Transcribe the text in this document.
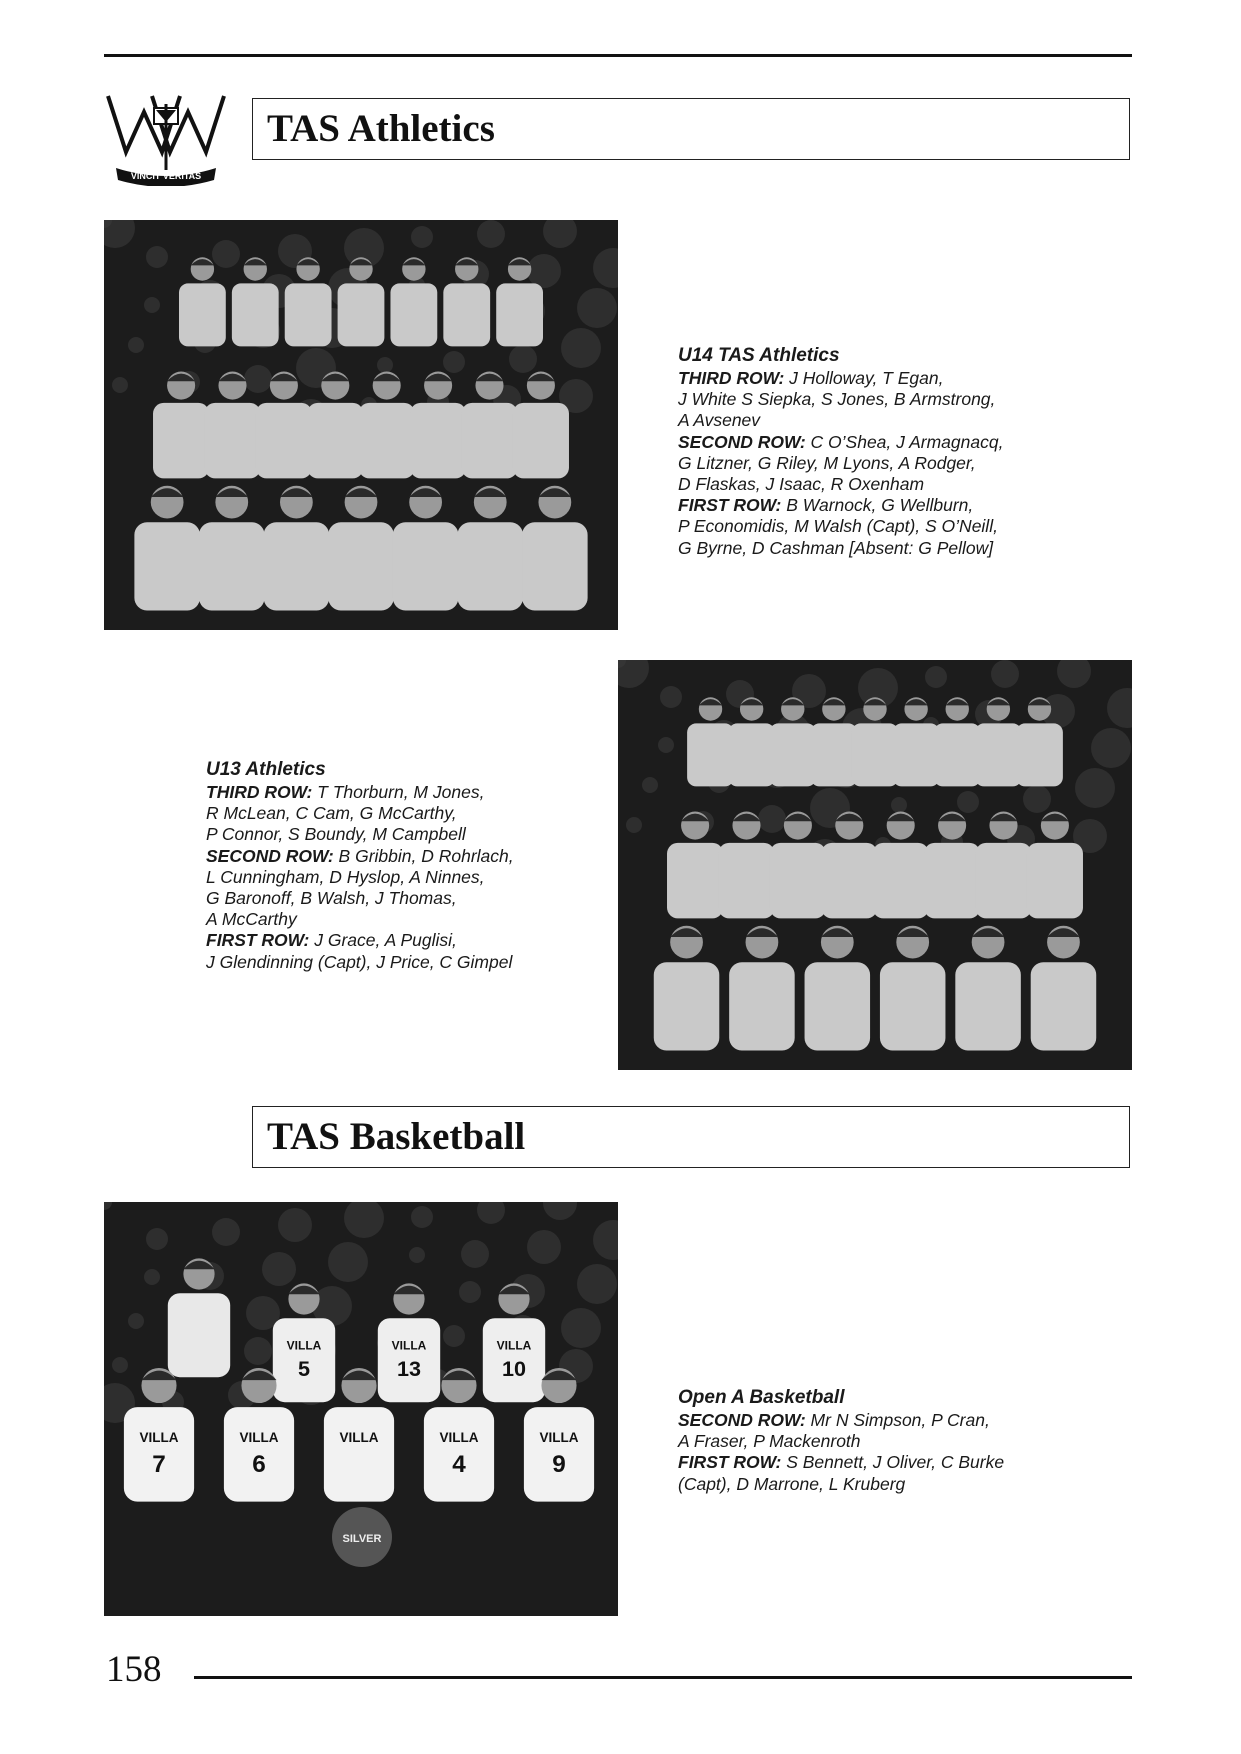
VINCIT VERITAS
TAS Athletics
U14 TAS Athletics
THIRD ROW: J Holloway, T Egan,
J White S Siepka, S Jones, B Armstrong,
A Avsenev
SECOND ROW: C O’Shea, J Armagnacq,
G Litzner, G Riley, M Lyons, A Rodger,
D Flaskas, J Isaac, R Oxenham
FIRST ROW: B Warnock, G Wellburn,
P Economidis, M Walsh (Capt), S O’Neill,
G Byrne, D Cashman [Absent: G Pellow]
U13 Athletics
THIRD ROW: T Thorburn, M Jones,
R McLean, C Cam, G McCarthy,
P Connor, S Boundy, M Campbell
SECOND ROW: B Gribbin, D Rohrlach,
L Cunningham, D Hyslop, A Ninnes,
G Baronoff, B Walsh, J Thomas,
A McCarthy
FIRST ROW: J Grace, A Puglisi,
J Glendinning (Capt), J Price, C Gimpel
TAS Basketball
VILLA
5
VILLA
13
VILLA
10
VILLA
7
VILLA
6
VILLA	VILLA
4
VILLA
9
SILVER
Open A Basketball
SECOND ROW: Mr N Simpson, P Cran,
A Fraser, P Mackenroth
FIRST ROW: S Bennett, J Oliver, C Burke
(Capt), D Marrone, L Kruberg

158
